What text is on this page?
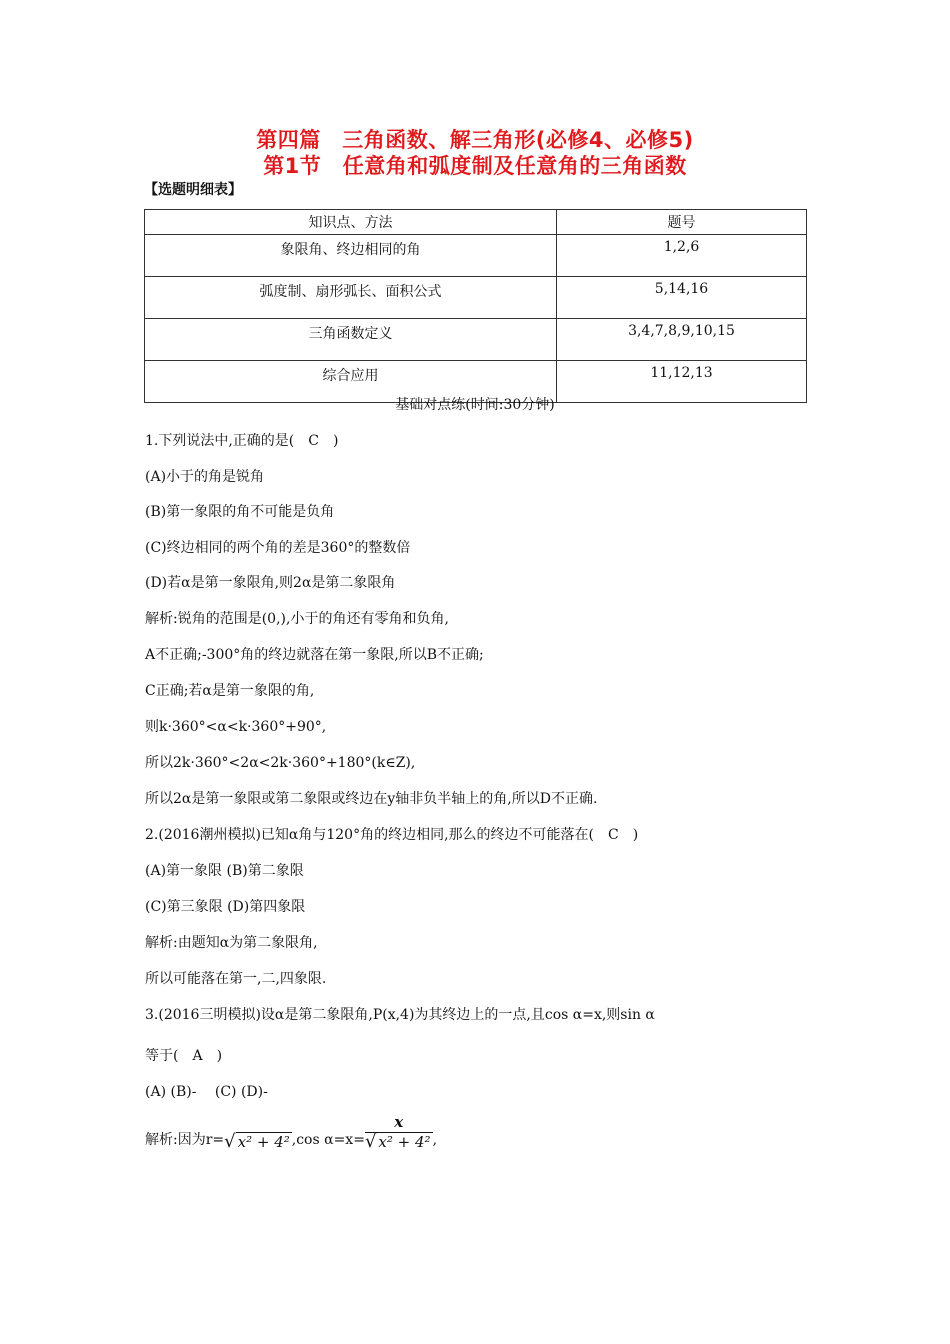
第四篇　三角函数、解三角形(必修4、必修5)
第1节　任意角和弧度制及任意角的三角函数
【选题明细表】
知识点、方法	题号
象限角、终边相同的角	1,2,6
弧度制、扇形弧长、面积公式	5,14,16
三角函数定义	3,4,7,8,9,10,15
综合应用	11,12,13
基础对点练(时间:30分钟)
1.下列说法中,正确的是(　C　)
(A)小于的角是锐角
(B)第一象限的角不可能是负角
(C)终边相同的两个角的差是360°的整数倍
(D)若α是第一象限角,则2α是第二象限角
解析:锐角的范围是(0,),小于的角还有零角和负角,
A不正确;-300°角的终边就落在第一象限,所以B不正确;
C正确;若α是第一象限的角,
则k·360°<α<k·360°+90°,
所以2k·360°<2α<2k·360°+180°(k∈Z),
所以2α是第一象限或第二象限或终边在y轴非负半轴上的角,所以D不正确.
2.(2016潮州模拟)已知α角与120°角的终边相同,那么的终边不可能落在(　C　)
(A)第一象限 (B)第二象限
(C)第三象限 (D)第四象限
解析:由题知α为第二象限角,
所以可能落在第一,二,四象限.
3.(2016三明模拟)设α是第二象限角,P(x,4)为其终边上的一点,且cos α=x,则sin α
等于(　A　)
(A) (B)-　 (C) (D)-
解析:因为r=√ x² + 4² ,cos $\alpha=x= \frac{x}{\text{√ x² + 4²}}$ ,
